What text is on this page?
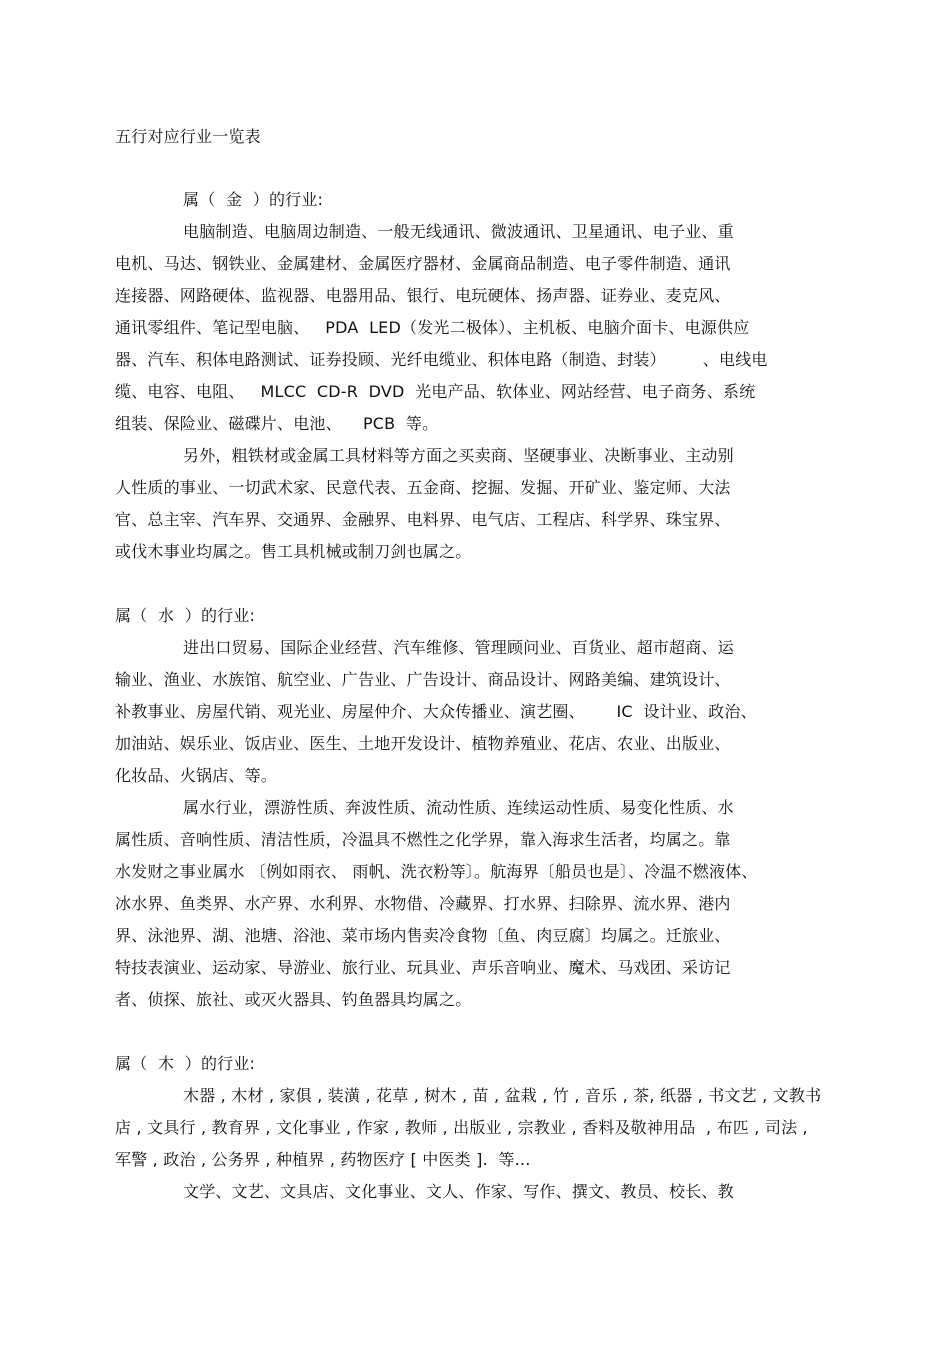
五行对应行业一览表
属（  金  ）的行业:
电脑制造、电脑周边制造、一般无线通讯、微波通讯、卫星通讯、电子业、重
电机、马达、钢铁业、金属建材、金属医疗器材、金属商品制造、电子零件制造、通讯
连接器、网路硬体、监视器、电器用品、银行、电玩硬体、扬声器、证券业、麦克风、
通讯零组件、笔记型电脑、   PDA  LED（发光二极体）、主机板、电脑介面卡、电源供应
器、汽车、积体电路测试、证券投顾、光纤电缆业、积体电路（制造、封装）       、电线电
缆、电容、电阻、   MLCC  CD-R  DVD  光电产品、软体业、网站经营、电子商务、系统
组装、保险业、磁碟片、电池、    PCB  等。
另外，粗铁材或金属工具材料等方面之买卖商、坚硬事业、决断事业、主动别
人性质的事业、一切武术家、民意代表、五金商、挖掘、发掘、开矿业、鉴定师、大法
官、总主宰、汽车界、交通界、金融界、电料界、电气店、工程店、科学界、珠宝界、
或伐木事业均属之。售工具机械或制刀剑也属之。
属（  水  ）的行业:
进出口贸易、国际企业经营、汽车维修、管理顾问业、百货业、超市超商、运
输业、渔业、水族馆、航空业、广告业、广告设计、商品设计、网路美编、建筑设计、
补教事业、房屋代销、观光业、房屋仲介、大众传播业、演艺圈、      IC  设计业、政治、
加油站、娱乐业、饭店业、医生、土地开发设计、植物养殖业、花店、农业、出版业、
化妆品、火锅店、等。
属水行业，漂游性质、奔波性质、流动性质、连续运动性质、易变化性质、水
属性质、音响性质、清洁性质，冷温具不燃性之化学界，靠入海求生活者，均属之。靠
水发财之事业属水 〔例如雨衣、 雨帆、洗衣粉等〕。航海界〔船员也是〕、冷温不燃液体、
冰水界、鱼类界、水产界、水利界、水物借、冷藏界、打水界、扫除界、流水界、港内
界、泳池界、湖、池塘、浴池、菜市场内售卖冷食物〔鱼、肉豆腐〕均属之。迁旅业、
特技表演业、运动家、导游业、旅行业、玩具业、声乐音响业、魔术、马戏团、采访记
者、侦探、旅社、或灭火器具、钓鱼器具均属之。
属（  木  ）的行业:
木器 , 木材 , 家俱 , 装潢 , 花草 , 树木 , 苗 , 盆栽 , 竹 , 音乐 , 茶, 纸器 , 书文艺 , 文教书
店 , 文具行 , 教育界 , 文化事业 , 作家 , 教师 , 出版业 , 宗教业 , 香料及敬神用品  , 布匹 , 司法 ,
军警 , 政治 , 公务界 , 种植界 , 药物医疗 [ 中医类 ].  等...
文学、文艺、文具店、文化事业、文人、作家、写作、撰文、教员、校长、教
